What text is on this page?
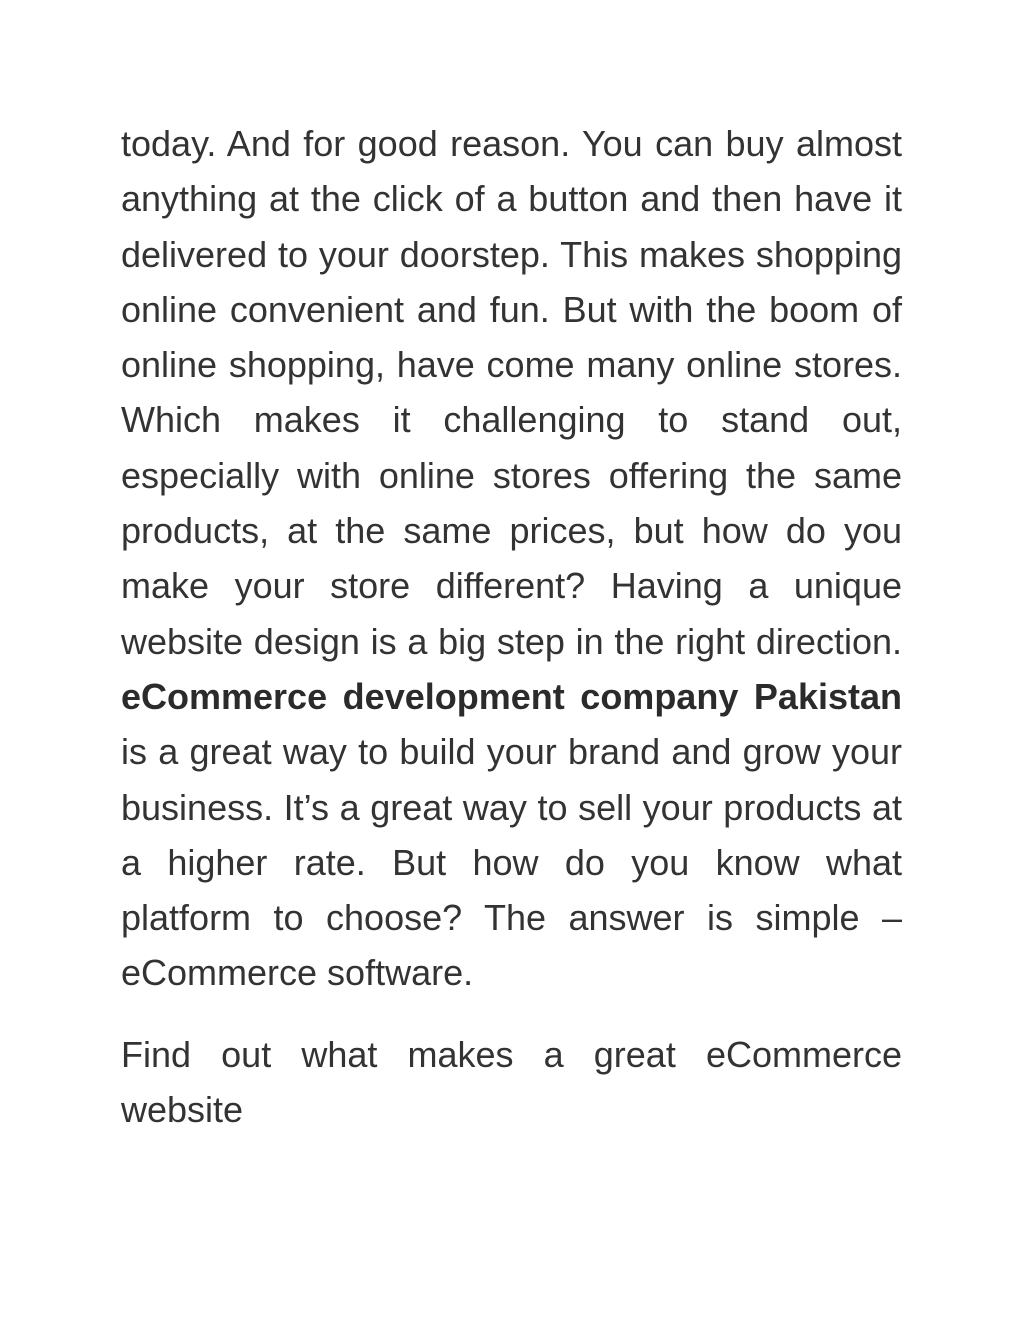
today. And for good reason. You can buy almost anything at the click of a button and then have it delivered to your doorstep. This makes shopping online convenient and fun. But with the boom of online shopping, have come many online stores. Which makes it challenging to stand out, especially with online stores offering the same products, at the same prices, but how do you make your store different? Having a unique website design is a big step in the right direction. eCommerce development company Pakistan is a great way to build your brand and grow your business. It’s a great way to sell your products at a higher rate. But how do you know what platform to choose? The answer is simple – eCommerce software.

Find out what makes a great eCommerce website
